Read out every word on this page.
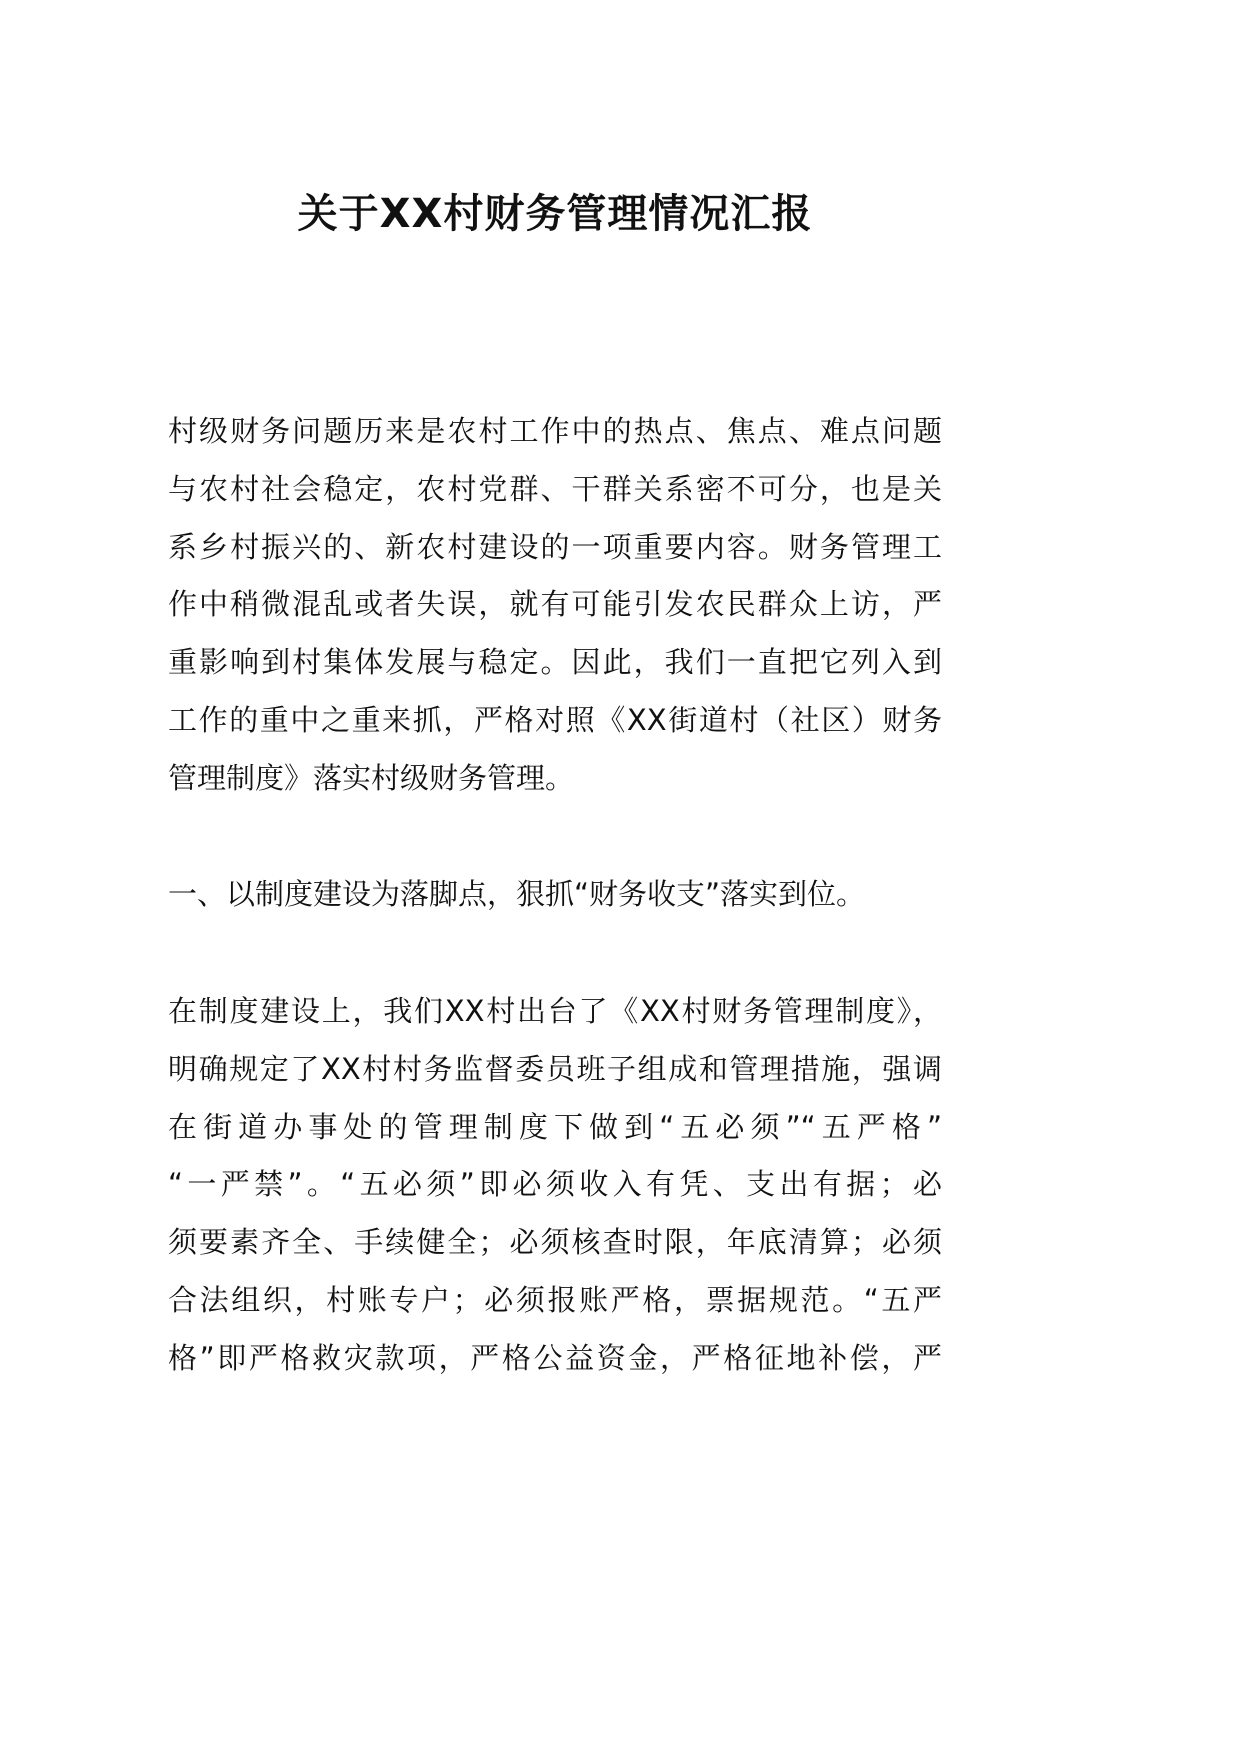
关于XX村财务管理情况汇报
村级财务问题历来是农村工作中的热点、焦点、难点问题
与农村社会稳定，农村党群、干群关系密不可分，也是关
系乡村振兴的、新农村建设的一项重要内容。财务管理工
作中稍微混乱或者失误，就有可能引发农民群众上访，严
重影响到村集体发展与稳定。因此，我们一直把它列入到
工作的重中之重来抓，严格对照《XX街道村（社区）财务
管理制度》落实村级财务管理。
一、以制度建设为落脚点，狠抓“财务收支”落实到位。
在制度建设上，我们XX村出台了《XX村财务管理制度》，
明确规定了XX村村务监督委员班子组成和管理措施，强调
在街道办事处的管理制度下做到“五必须”“五严格”
“一严禁”。“五必须”即必须收入有凭、支出有据；必
须要素齐全、手续健全；必须核查时限，年底清算；必须
合法组织，村账专户；必须报账严格，票据规范。“五严
格”即严格救灾款项，严格公益资金，严格征地补偿，严
